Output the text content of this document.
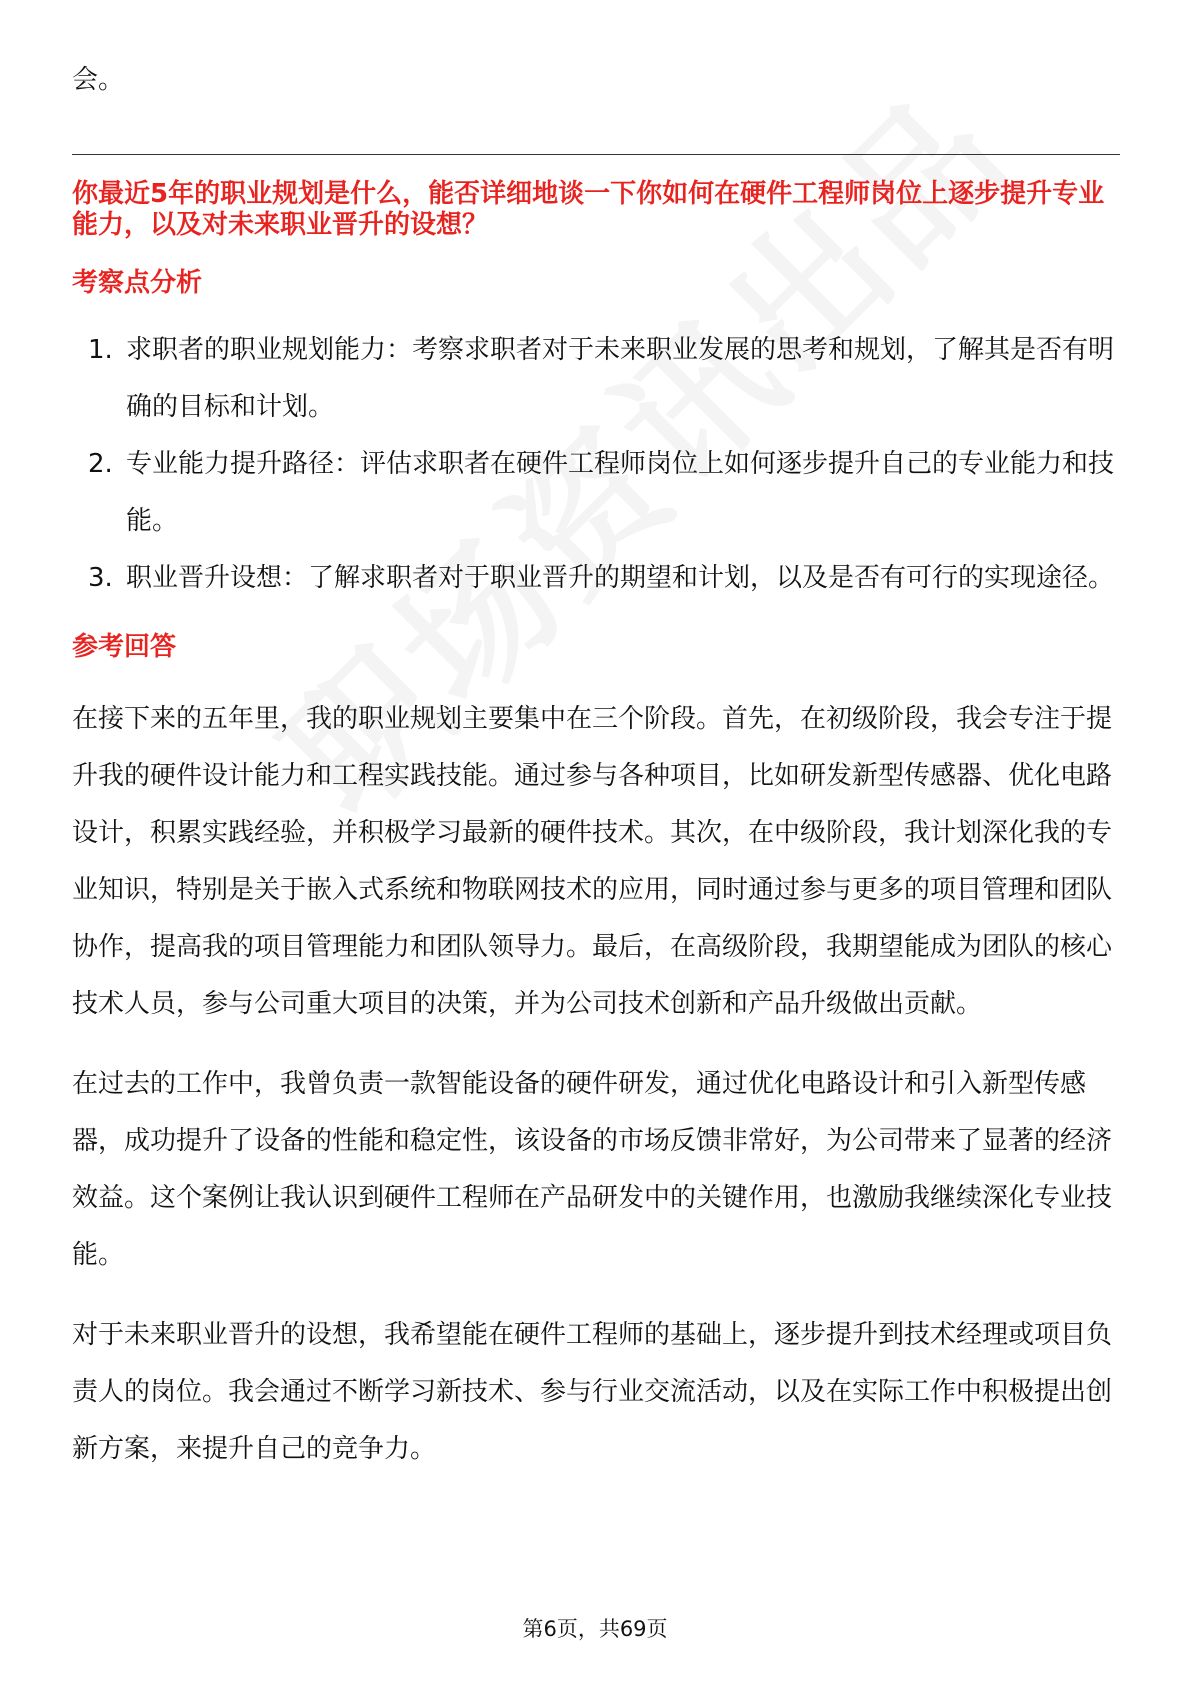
会。

你最近5年的职业规划是什么，能否详细地谈一下你如何在硬件工程师岗位上逐步提升专业能力，以及对未来职业晋升的设想？

考察点分析

1. 求职者的职业规划能力：考察求职者对于未来职业发展的思考和规划，了解其是否有明确的目标和计划。
2. 专业能力提升路径：评估求职者在硬件工程师岗位上如何逐步提升自己的专业能力和技能。
3. 职业晋升设想：了解求职者对于职业晋升的期望和计划，以及是否有可行的实现途径。

参考回答

在接下来的五年里，我的职业规划主要集中在三个阶段。首先，在初级阶段，我会专注于提升我的硬件设计能力和工程实践技能。通过参与各种项目，比如研发新型传感器、优化电路设计，积累实践经验，并积极学习最新的硬件技术。其次，在中级阶段，我计划深化我的专业知识，特别是关于嵌入式系统和物联网技术的应用，同时通过参与更多的项目管理和团队协作，提高我的项目管理能力和团队领导力。最后，在高级阶段，我期望能成为团队的核心技术人员，参与公司重大项目的决策，并为公司技术创新和产品升级做出贡献。

在过去的工作中，我曾负责一款智能设备的硬件研发，通过优化电路设计和引入新型传感器，成功提升了设备的性能和稳定性，该设备的市场反馈非常好，为公司带来了显著的经济效益。这个案例让我认识到硬件工程师在产品研发中的关键作用，也激励我继续深化专业技能。

对于未来职业晋升的设想，我希望能在硬件工程师的基础上，逐步提升到技术经理或项目负责人的岗位。我会通过不断学习新技术、参与行业交流活动，以及在实际工作中积极提出创新方案，来提升自己的竞争力。

第6页，共69页
